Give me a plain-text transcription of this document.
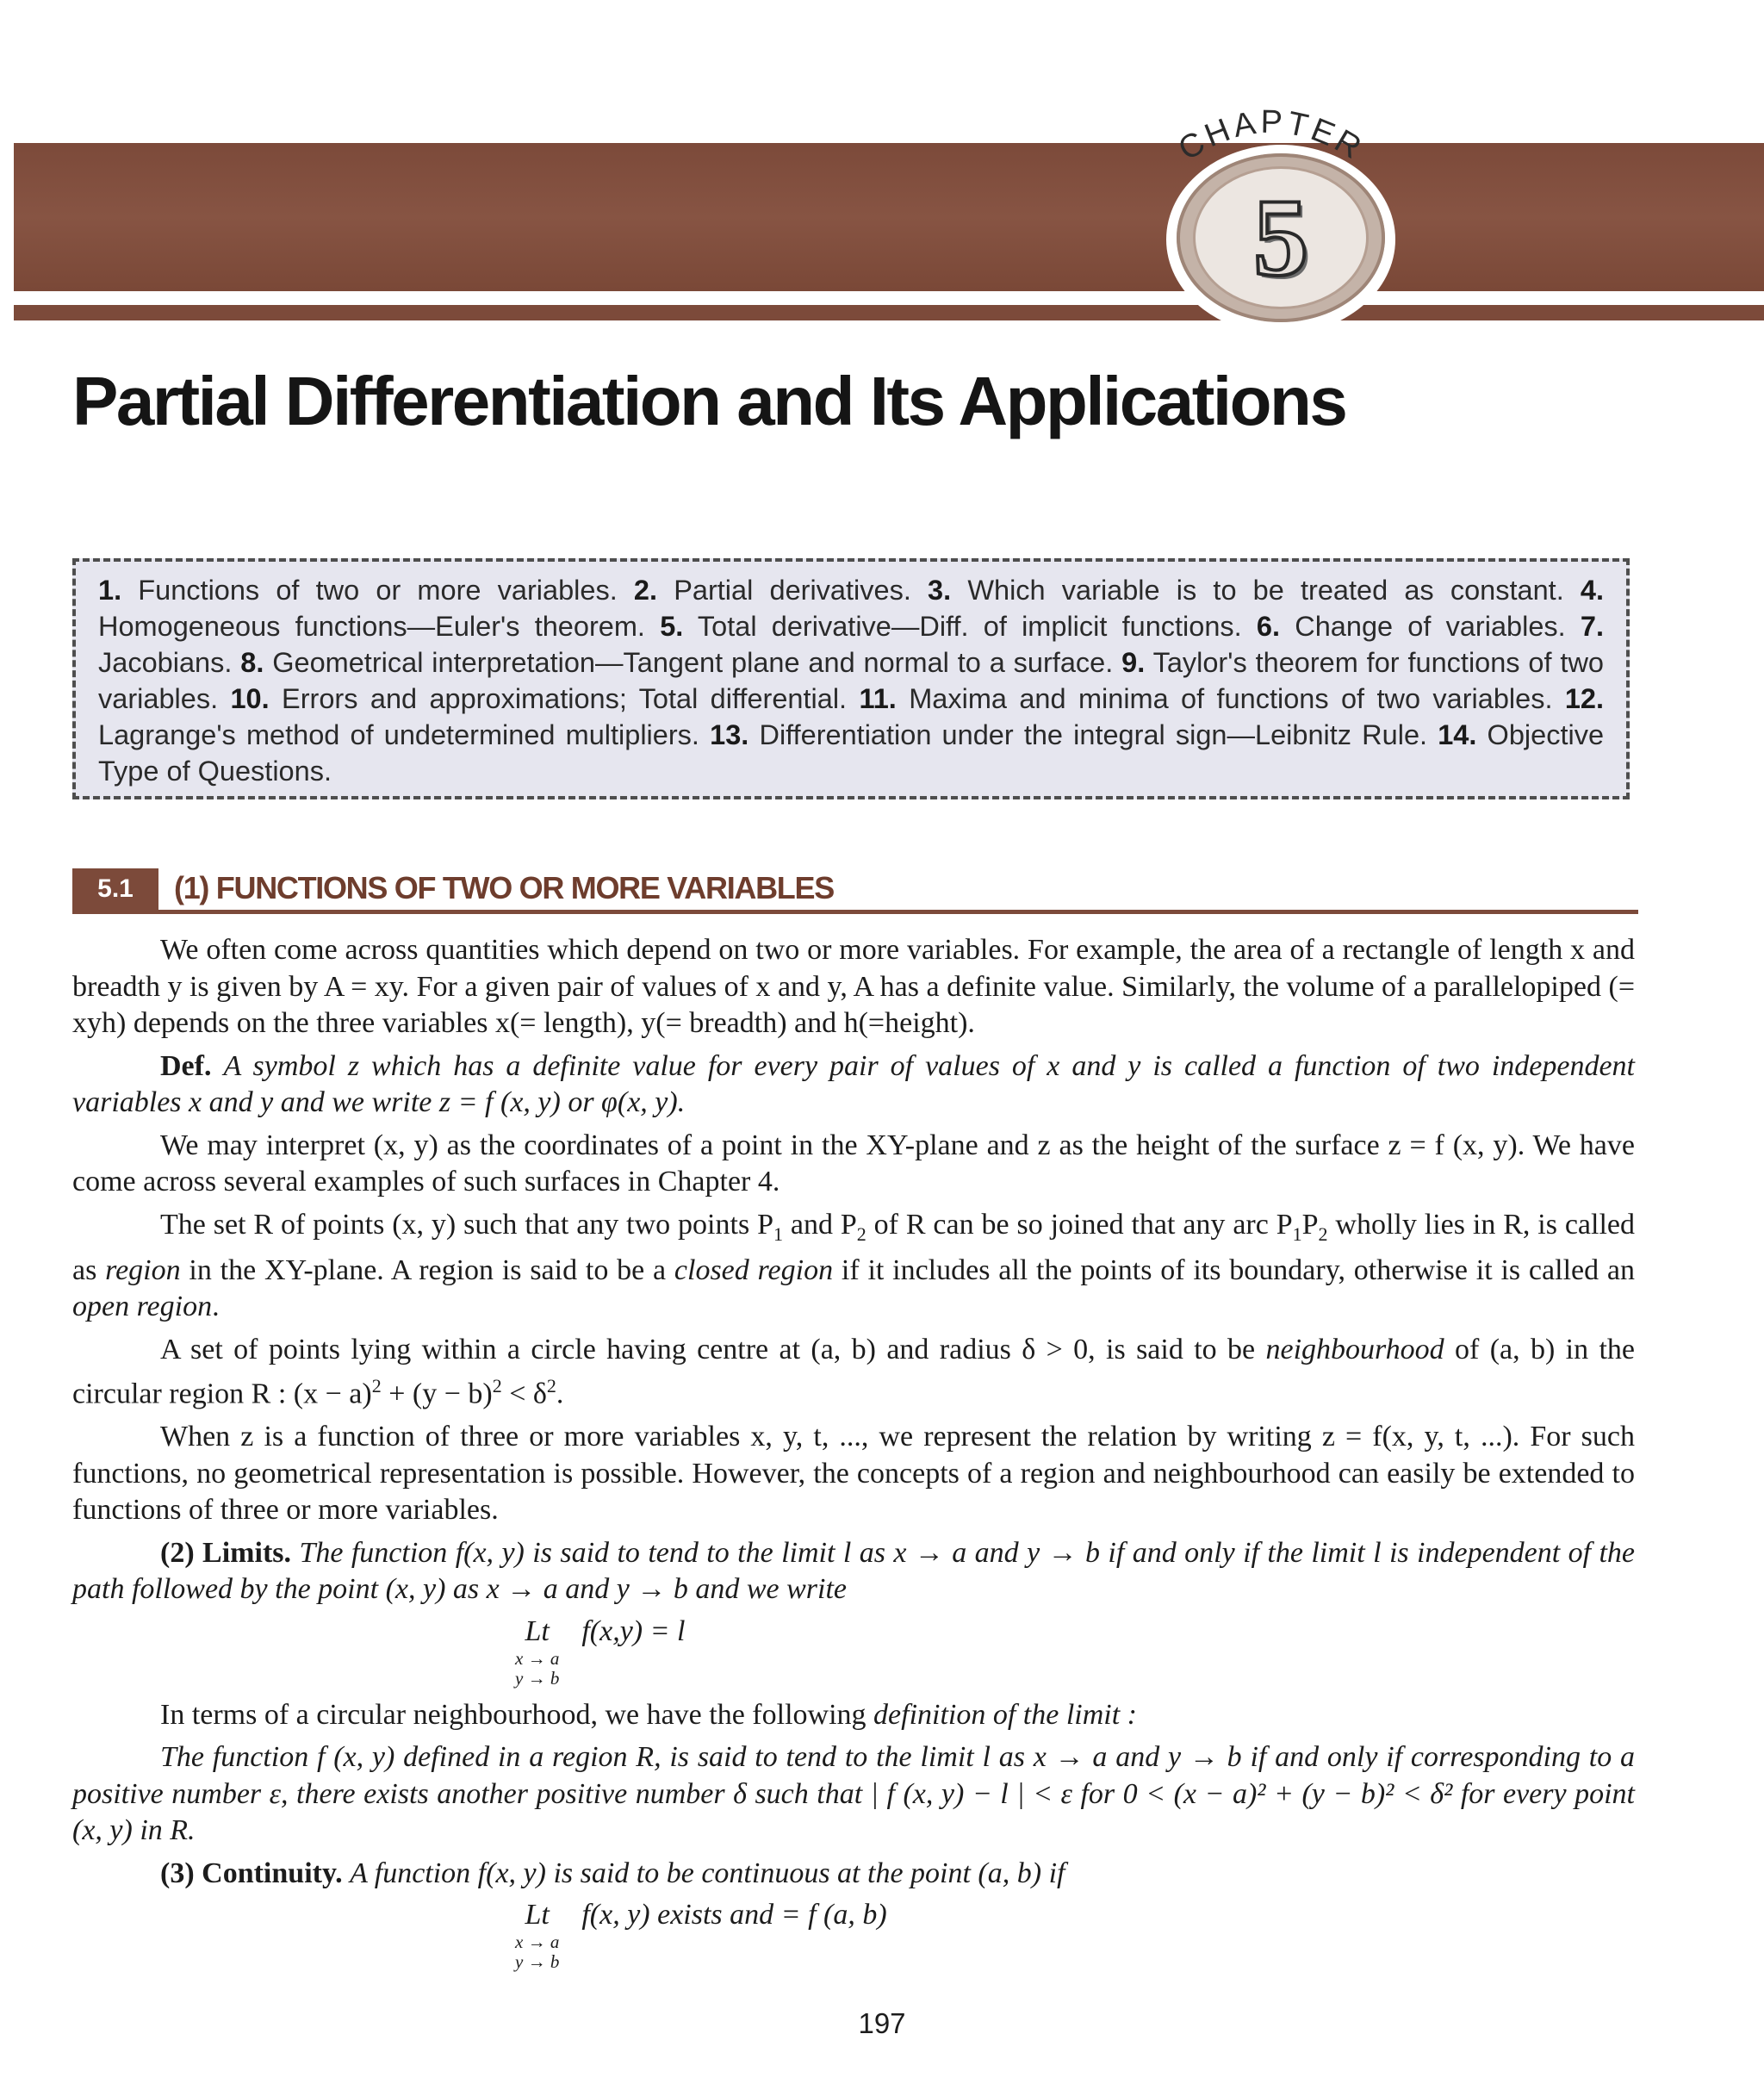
5
CHAPTER
Partial Differentiation and Its Applications

1. Functions of two or more variables. 2. Partial derivatives. 3. Which variable is to be treated as constant. 4. Homogeneous functions—Euler's theorem. 5. Total derivative—Diff. of implicit functions. 6. Change of variables. 7. Jacobians. 8. Geometrical interpretation—Tangent plane and normal to a surface. 9. Taylor's theorem for functions of two variables. 10. Errors and approximations; Total differential. 11. Maxima and minima of functions of two variables. 12. Lagrange's method of undetermined multipliers. 13. Differentiation under the integral sign—Leibnitz Rule. 14. Objective Type of Questions.

5.1	(1) FUNCTIONS OF TWO OR MORE VARIABLES

We often come across quantities which depend on two or more variables. For example, the area of a rectangle of length x and breadth y is given by A = xy. For a given pair of values of x and y, A has a definite value. Similarly, the volume of a parallelopiped (= xyh) depends on the three variables x(= length), y(= breadth) and h(=height).

Def. A symbol z which has a definite value for every pair of values of x and y is called a function of two independent variables x and y and we write z = f (x, y) or φ(x, y).

We may interpret (x, y) as the coordinates of a point in the XY-plane and z as the height of the surface z = f (x, y). We have come across several examples of such surfaces in Chapter 4.

The set R of points (x, y) such that any two points $P_1$ and $P_2$ of R can be so joined that any arc $P_1P_2$ wholly lies in R, is called as region in the XY-plane. A region is said to be a closed region if it includes all the points of its boundary, otherwise it is called an open region.

A set of points lying within a circle having centre at (a, b) and radius δ > 0, is said to be neighbourhood of (a, b) in the circular region R : $(x - a)^2 + (y - b)^2 < \delta^2$.

When z is a function of three or more variables x, y, t, ..., we represent the relation by writing z = f(x, y, t, ...). For such functions, no geometrical representation is possible. However, the concepts of a region and neighbourhood can easily be extended to functions of three or more variables.

(2) Limits. The function f(x, y) is said to tend to the limit l as x → a and y → b if and only if the limit l is independent of the path followed by the point (x, y) as x → a and y → b and we write

Lt
x → a
y → b
f(x,y) = l

In terms of a circular neighbourhood, we have the following definition of the limit :

The function f (x, y) defined in a region R, is said to tend to the limit l as x → a and y → b if and only if corresponding to a positive number ε, there exists another positive number δ such that | f (x, y) − l | < ε for 0 < (x − a)² + (y − b)² < δ² for every point (x, y) in R.

(3) Continuity. A function f(x, y) is said to be continuous at the point (a, b) if

Lt
x → a
y → b
f(x, y) exists and = f (a, b)
197
